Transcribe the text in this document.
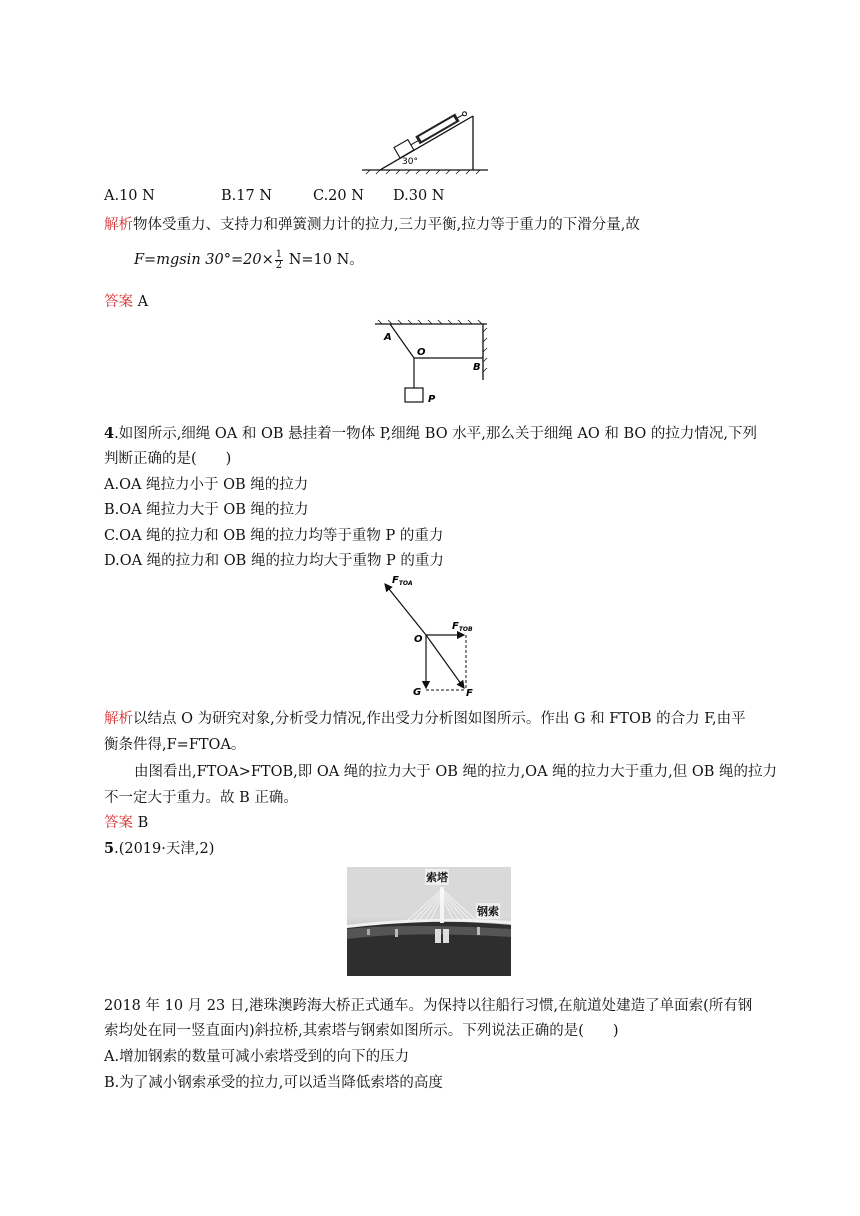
30°
A.10 N	B.17 N	C.20 N D.30 N
解析物体受重力、支持力和弹簧测力计的拉力,三力平衡,拉力等于重力的下滑分量,故
F=mgsin $30^\circ=20\times \frac{1}{2} N=10$ N。
答案 A
A
O
B
P
4.如图所示,细绳 OA 和 OB 悬挂着一物体 P,细绳 BO 水平,那么关于细绳 AO 和 BO 的拉力情况,下列
判断正确的是(　　)
A.OA 绳拉力小于 OB 绳的拉力
B.OA 绳拉力大于 OB 绳的拉力
C.OA 绳的拉力和 OB 绳的拉力均等于重物 P 的重力
D.OA 绳的拉力和 OB 绳的拉力均大于重物 P 的重力
$F_{TOA}$
$F_{TOB}$
O
G	F
解析以结点 O 为研究对象,分析受力情况,作出受力分析图如图所示。作出 G 和 FTOB 的合力 F,由平
衡条件得,F=FTOA。
由图看出,FTOA>FTOB,即 OA 绳的拉力大于 OB 绳的拉力,OA 绳的拉力大于重力,但 OB 绳的拉力
不一定大于重力。故 B 正确。
答案 B
5.(2019·天津,2)
索塔
钢索
2018 年 10 月 23 日,港珠澳跨海大桥正式通车。为保持以往船行习惯,在航道处建造了单面索(所有钢
索均处在同一竖直面内)斜拉桥,其索塔与钢索如图所示。下列说法正确的是(　　)
A.增加钢索的数量可减小索塔受到的向下的压力
B.为了减小钢索承受的拉力,可以适当降低索塔的高度
